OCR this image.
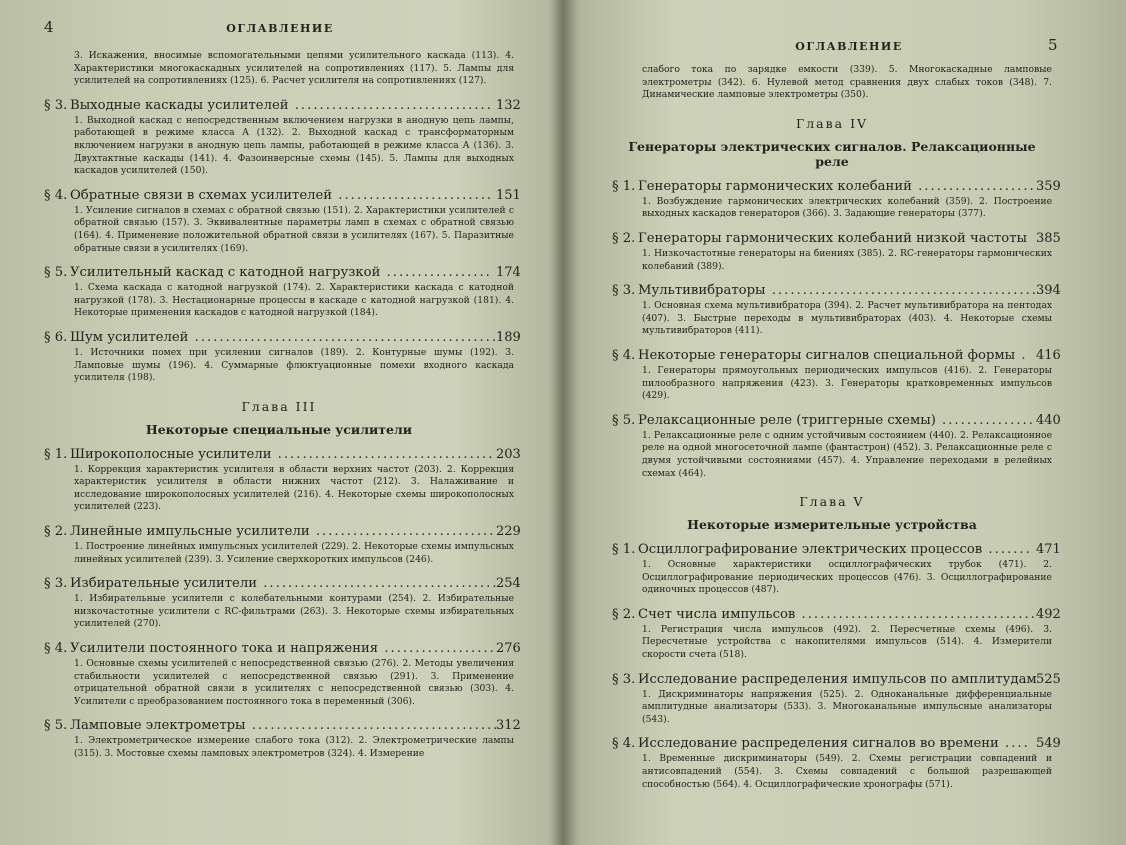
4	ОГЛАВЛЕНИЕ
3. Искажения, вносимые вспомогательными цепями усилительного каскада (113). 4. Характеристики многокаскадных усилителей на сопротивлениях (117). 5. Лампы для усилителей на сопротивлениях (125). 6. Расчет усилителя на сопротивлениях (127).
§ 3. Выходные каскады усилителей ................................ 132
1. Выходной каскад с непосредственным включением нагрузки в анодную цепь лампы, работающей в режиме класса A (132). 2. Выходной каскад с трансформаторным включением нагрузки в анодную цепь лампы, работающей в режиме класса A (136). 3. Двухтактные каскады (141). 4. Фазоинверсные схемы (145). 5. Лампы для выходных каскадов усилителей (150).
§ 4. Обратные связи в схемах усилителей ......................... 151
1. Усиление сигналов в схемах с обратной связью (151). 2. Характеристики усилителей с обратной связью (157). 3. Эквивалентные параметры ламп в схемах с обратной связью (164). 4. Применение положительной обратной связи в усилителях (167). 5. Паразитные обратные связи в усилителях (169).
§ 5. Усилительный каскад с катодной нагрузкой ................. 174
1. Схема каскада с катодной нагрузкой (174). 2. Характеристики каскада с катодной нагрузкой (178). 3. Нестационарные процессы в каскаде с катодной нагрузкой (181). 4. Некоторые применения каскадов с катодной нагрузкой (184).
§ 6. Шум усилителей .................................................
189
1. Источники помех при усилении сигналов (189). 2. Контурные шумы (192). 3. Ламповые шумы (196). 4. Суммарные флюктуационные помехи входного каскада усилителя (198).
Глава III
Некоторые специальные усилители
§ 1. Широкополосные усилители ................................... 203
1. Коррекция характеристик усилителя в области верхних частот (203). 2. Коррекция характеристик усилителя в области нижних частот (212). 3. Налаживание и исследование широкополосных усилителей (216). 4. Некоторые схемы широкополосных усилителей (223).
§ 2. Линейные импульсные усилители ............................. 229
1. Построение линейных импульсных усилителей (229). 2. Некоторые схемы импульсных линейных усилителей (239). 3. Усиление сверхкоротких импульсов (246).
§ 3. Избирательные усилители ......................................
254
1. Избирательные усилители с колебательными контурами (254). 2. Избирательные низкочастотные усилители с RC-фильтрами (263). 3. Некоторые схемы избирательных усилителей (270).
§ 4. Усилители постоянного тока и напряжения .................. 276
1. Основные схемы усилителей с непосредственной связью (276). 2. Методы увеличения стабильности усилителей с непосредственной связью (291). 3. Применение отрицательной обратной связи в усилителях с непосредственной связью (303). 4. Усилители с преобразованием постоянного тока в переменный (306).
§ 5. Ламповые электрометры ........................................
312
1. Электрометрическое измерение слабого тока (312). 2. Электрометрические лампы (315). 3. Мостовые схемы ламповых электрометров (324). 4. Измерение
ОГЛАВЛЕНИЕ	5
слабого тока по зарядке емкости (339). 5. Многокаскадные ламповые электрометры (342). 6. Нулевой метод сравнения двух слабых токов (348). 7. Динамические ламповые электрометры (350).
Глава IV
Генераторы электрических сигналов. Релаксационные реле
§ 1. Генераторы гармонических колебаний ................... 359
1. Возбуждение гармонических электрических колебаний (359). 2. Построение выходных каскадов генераторов (366). 3. Задающие генераторы (377).
§ 2. Генераторы гармонических колебаний низкой частоты 385
1. Низкочастотные генераторы на биениях (385). 2. RC-генераторы гармонических колебаний (389).
§ 3. Мультивибраторы ...........................................
394
1. Основная схема мультивибратора (394). 2. Расчет мультивибратора на пентодах (407). 3. Быстрые переходы в мультивибраторах (403). 4. Некоторые схемы мультивибраторов (411).
§ 4. Некоторые генераторы сигналов специальной формы . 416
1. Генераторы прямоугольных периодических импульсов (416). 2. Генераторы пилообразного напряжения (423). 3. Генераторы кратковременных импульсов (429).
§ 5. Релаксационные реле (триггерные схемы) ............... 440
1. Релаксационные реле с одним устойчивым состоянием (440). 2. Релаксационное реле на одной многосеточной лампе (фантастрон) (452). 3. Релаксационные реле с двумя устойчивыми состояниями (457). 4. Управление переходами в релейных схемах (464).
Глава V
Некоторые измерительные устройства
§ 1. Осциллографирование электрических процессов ....... 471
1. Основные характеристики осциллографических трубок (471). 2. Осциллографирование периодических процессов (476). 3. Осциллографирование одиночных процессов (487).
§ 2. Счет числа импульсов ...................................... 492
1. Регистрация числа импульсов (492). 2. Пересчетные схемы (496). 3. Пересчетные устройства с накопителями импульсов (514). 4. Измерители скорости счета (518).
§ 3. Исследование распределения импульсов по амплитудам 525
1. Дискриминаторы напряжения (525). 2. Одноканальные дифференциальные амплитудные анализаторы (533). 3. Многоканальные импульсные анализаторы (543).
§ 4. Исследование распределения сигналов во времени .... 549
1. Временные дискриминаторы (549). 2. Схемы регистрации совпадений и антисовпадений (554). 3. Схемы совпадений с большой разрешающей способностью (564). 4. Осциллографические хронографы (571).
